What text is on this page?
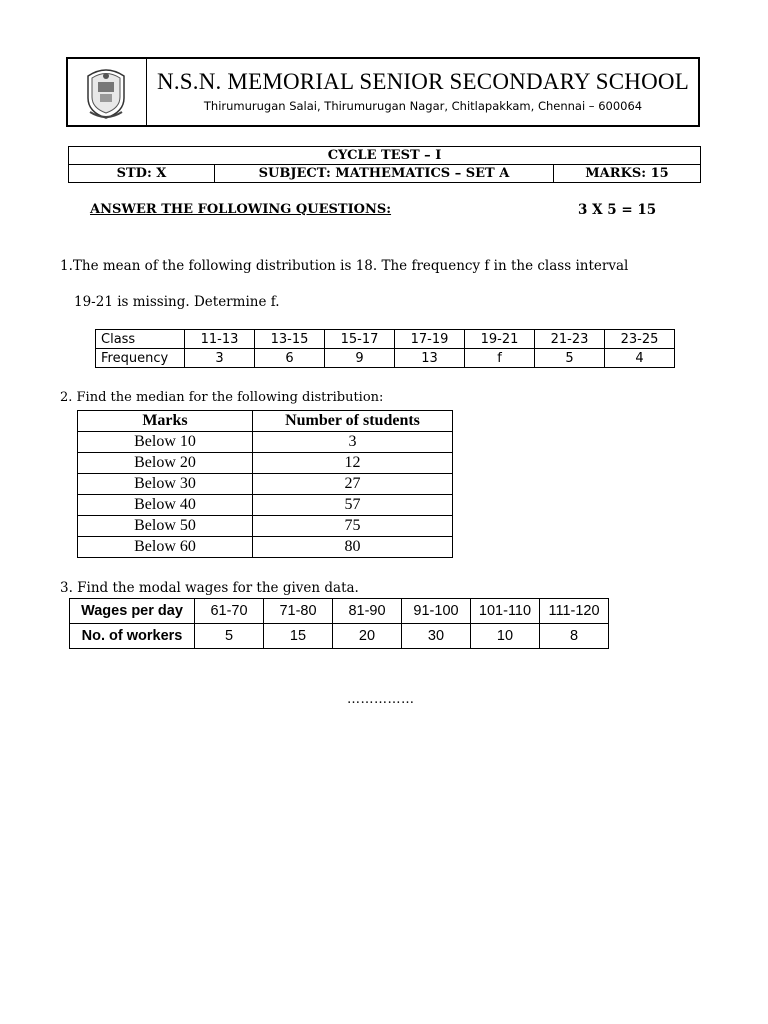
N.S.N. MEMORIAL SENIOR SECONDARY SCHOOL
Thirumurugan Salai, Thirumurugan Nagar, Chitlapakkam, Chennai – 600064
CYCLE TEST – I
STD: X	SUBJECT: MATHEMATICS – SET A	MARKS: 15
ANSWER THE FOLLOWING QUESTIONS:	3 X 5 = 15
1.The mean of the following distribution is 18. The frequency f in the class interval
19-21 is missing. Determine f.
Class	11-13	13-15	15-17	17-19	19-21	21-23	23-25
Frequency	3	6	9	13	f	5	4
2. Find the median for the following distribution:
Marks	Number of students
Below 10	3
Below 20	12
Below 30	27
Below 40	57
Below 50	75
Below 60	80
3. Find the modal wages for the given data.
Wages per day	61-70	71-80	81-90	91-100	101-110	111-120
No. of workers	5	15	20	30	10	8
……………
